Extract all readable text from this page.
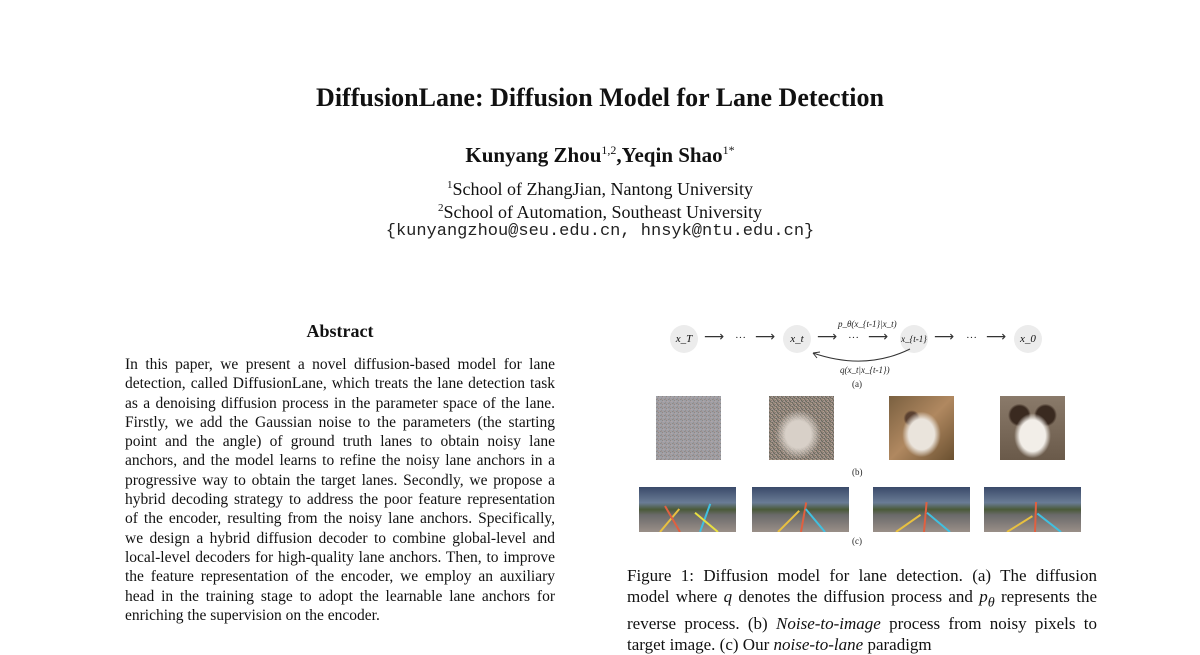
DiffusionLane: Diffusion Model for Lane Detection
Kunyang Zhou$^{1,2}$,Yeqin Shao$^{1*}$
$^1$School of ZhangJian, Nantong University
$^2$School of Automation, Southeast University
{kunyangzhou@seu.edu.cn, hnsyk@ntu.edu.cn}
Abstract
In this paper, we present a novel diffusion-based model for lane detection, called DiffusionLane, which treats the lane detection task as a denoising diffusion process in the parameter space of the lane. Firstly, we add the Gaussian noise to the parameters (the starting point and the angle) of ground truth lanes to obtain noisy lane anchors, and the model learns to refine the noisy lane anchors in a progressive way to obtain the target lanes. Secondly, we propose a hybrid decoding strategy to address the poor feature representation of the encoder, resulting from the noisy lane anchors. Specifically, we design a hybrid diffusion decoder to combine global-level and local-level decoders for high-quality lane anchors. Then, to improve the feature representation of the encoder, we employ an auxiliary head in the training stage to adopt the learnable lane anchors for enriching the supervision on the encoder.
x_T ⟶ ··· ⟶	x_t ⟶ ··· ⟶ x_{t-1} ⟶ ··· ⟶	x_0
p_θ(x_{t-1}|x_t)
q(x_t|x_{t-1})
(a)
(b)
(c)
Figure 1: Diffusion model for lane detection. (a) The diffusion model where q denotes the diffusion process and $p_\theta$ represents the reverse process. (b) Noise-to-image process from noisy pixels to target image. (c) Our noise-to-lane paradigm
